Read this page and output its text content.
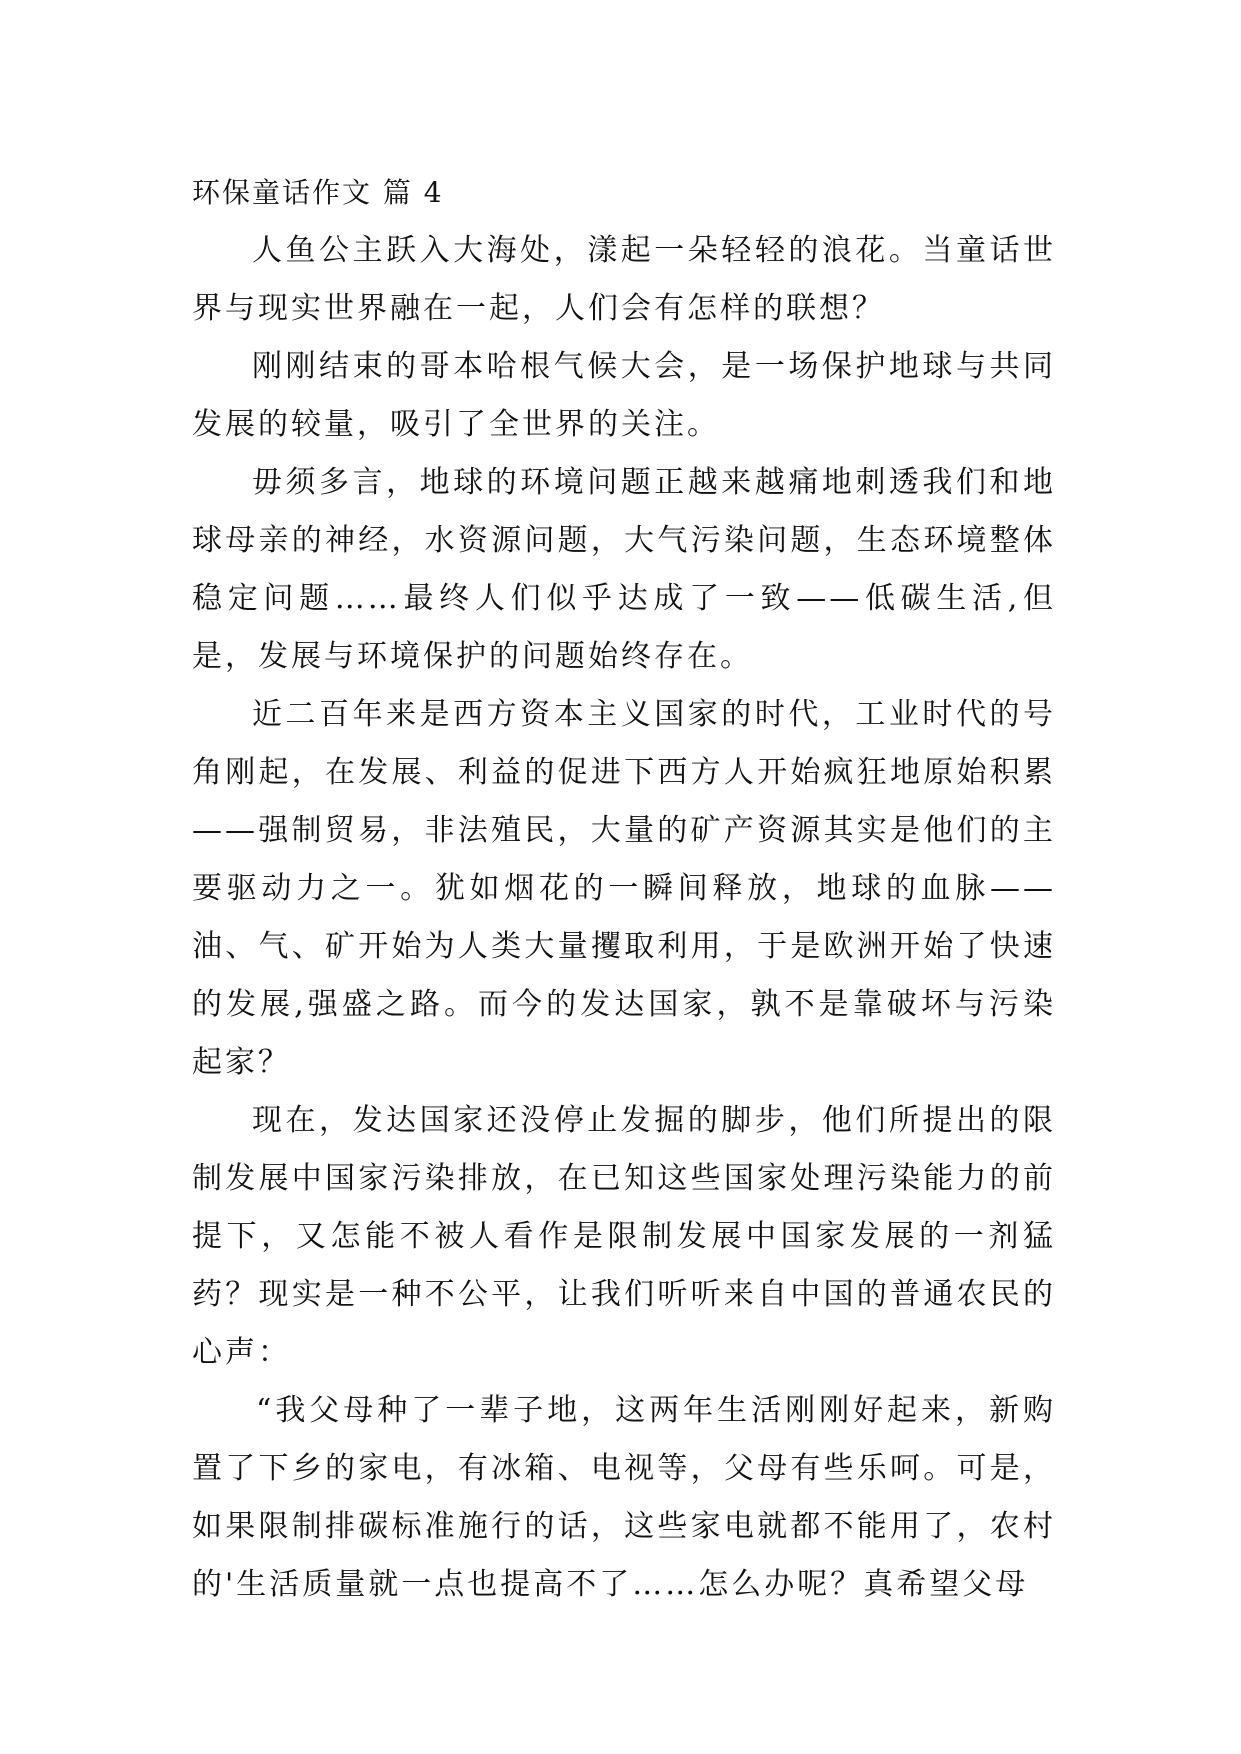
环保童话作文 篇 4

人鱼公主跃入大海处，漾起一朵轻轻的浪花。当童话世界与现实世界融在一起，人们会有怎样的联想？

刚刚结束的哥本哈根气候大会，是一场保护地球与共同发展的较量，吸引了全世界的关注。

毋须多言，地球的环境问题正越来越痛地刺透我们和地球母亲的神经，水资源问题，大气污染问题，生态环境整体稳定问题……最终人们似乎达成了一致——低碳生活,但是，发展与环境保护的问题始终存在。

近二百年来是西方资本主义国家的时代，工业时代的号角刚起，在发展、利益的促进下西方人开始疯狂地原始积累——强制贸易，非法殖民，大量的矿产资源其实是他们的主要驱动力之一。犹如烟花的一瞬间释放，地球的血脉——油、气、矿开始为人类大量攫取利用，于是欧洲开始了快速的发展,强盛之路。而今的发达国家，孰不是靠破坏与污染起家？

现在，发达国家还没停止发掘的脚步，他们所提出的限制发展中国家污染排放，在已知这些国家处理污染能力的前提下，又怎能不被人看作是限制发展中国家发展的一剂猛药？现实是一种不公平，让我们听听来自中国的普通农民的心声：

“我父母种了一辈子地，这两年生活刚刚好起来，新购置了下乡的家电，有冰箱、电视等，父母有些乐呵。可是，如果限制排碳标准施行的话，这些家电就都不能用了，农村的'生活质量就一点也提高不了……怎么办呢？真希望父母
